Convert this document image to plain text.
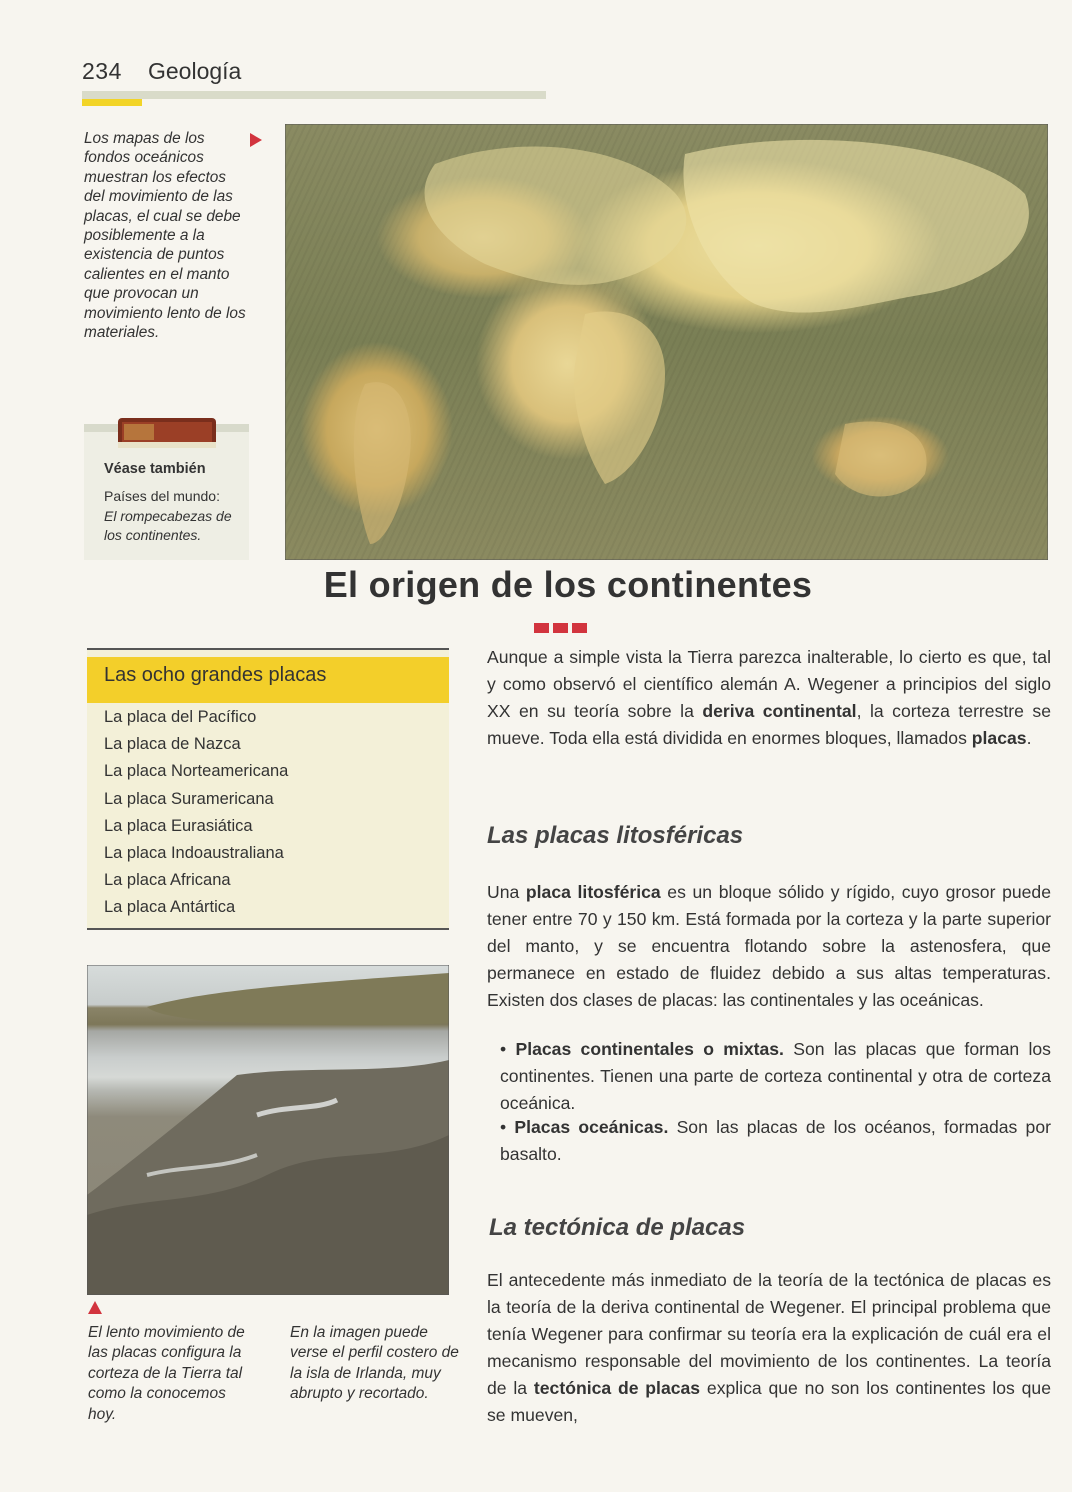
234 Geología
Los mapas de los fondos oceánicos muestran los efectos del movimiento de las placas, el cual se debe posiblemente a la existencia de puntos calientes en el manto que provocan un movimiento lento de los materiales.
Véase también
Países del mundo:
El rompecabezas de los continentes.
El origen de los continentes
Las ocho grandes placas
La placa del Pacífico
La placa de Nazca
La placa Norteamericana
La placa Suramericana
La placa Eurasiática
La placa Indoaustraliana
La placa Africana
La placa Antártica
El lento movimiento de las placas configura la corteza de la Tierra tal como la conocemos hoy.
En la imagen puede verse el perfil costero de la isla de Irlanda, muy abrupto y recortado.
Aunque a simple vista la Tierra parezca inalterable, lo cierto es que, tal y como observó el científico alemán A. Wegener a principios del siglo XX en su teoría sobre la deriva continental, la corteza terrestre se mueve. Toda ella está dividida en enormes bloques, llamados placas.
Las placas litosféricas
Una placa litosférica es un bloque sólido y rígido, cuyo grosor puede tener entre 70 y 150 km. Está formada por la corteza y la parte superior del manto, y se encuentra flotando sobre la astenosfera, que permanece en estado de fluidez debido a sus altas temperaturas. Existen dos clases de placas: las continentales y las oceánicas.
• Placas continentales o mixtas. Son las placas que forman los continentes. Tienen una parte de corteza continental y otra de corteza oceánica.
• Placas oceánicas. Son las placas de los océanos, formadas por basalto.
La tectónica de placas
El antecedente más inmediato de la teoría de la tectónica de placas es la teoría de la deriva continental de Wegener. El principal problema que tenía Wegener para confirmar su teoría era la explicación de cuál era el mecanismo responsable del movimiento de los continentes. La teoría de la tectónica de placas explica que no son los continentes los que se mueven,
